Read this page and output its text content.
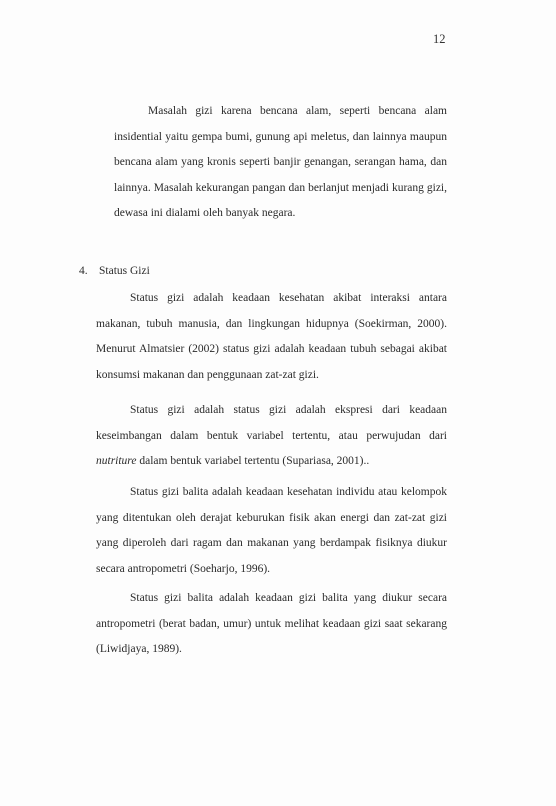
12

Masalah gizi karena bencana alam, seperti bencana alam insidential yaitu gempa bumi, gunung api meletus, dan lainnya maupun bencana alam yang kronis seperti banjir genangan, serangan hama, dan lainnya. Masalah kekurangan pangan dan berlanjut menjadi kurang gizi, dewasa ini dialami oleh banyak negara.

4. Status Gizi

Status gizi adalah keadaan kesehatan akibat interaksi antara makanan, tubuh manusia, dan lingkungan hidupnya (Soekirman, 2000). Menurut Almatsier (2002) status gizi adalah keadaan tubuh sebagai akibat konsumsi makanan dan penggunaan zat-zat gizi.

Status gizi adalah status gizi adalah ekspresi dari keadaan keseimbangan dalam bentuk variabel tertentu, atau perwujudan dari nutriture dalam bentuk variabel tertentu (Supariasa, 2001)..

Status gizi balita adalah keadaan kesehatan individu atau kelompok yang ditentukan oleh derajat keburukan fisik akan energi dan zat-zat gizi yang diperoleh dari ragam dan makanan yang berdampak fisiknya diukur secara antropometri (Soeharjo, 1996).

Status gizi balita adalah keadaan gizi balita yang diukur secara antropometri (berat badan, umur) untuk melihat keadaan gizi saat sekarang (Liwidjaya, 1989).
